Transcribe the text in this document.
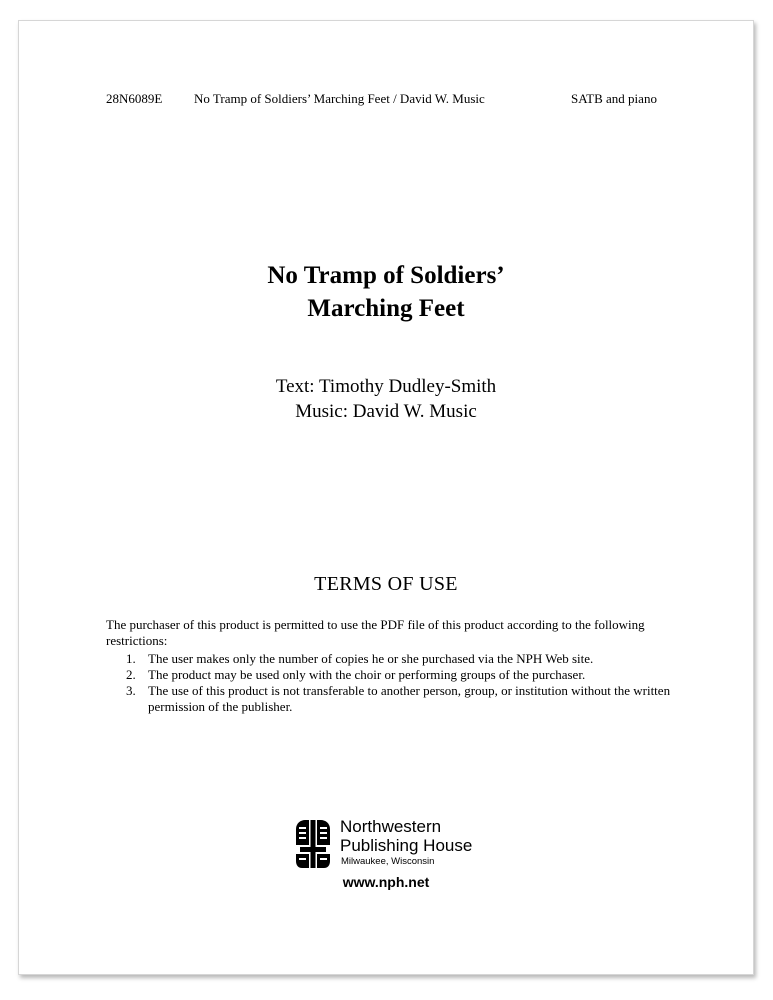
28N6089E No Tramp of Soldiers’ Marching Feet / David W. Music	SATB and piano
No Tramp of Soldiers’
Marching Feet
Text: Timothy Dudley-Smith
Music: David W. Music
TERMS OF USE
The purchaser of this product is permitted to use the PDF file of this product according to the following restrictions:
1. The user makes only the number of copies he or she purchased via the NPH Web site.
2. The product may be used only with the choir or performing groups of the purchaser.
3. The use of this product is not transferable to another person, group, or institution without the written permission of the publisher.
Northwestern
Publishing House
Milwaukee, Wisconsin
www.nph.net
